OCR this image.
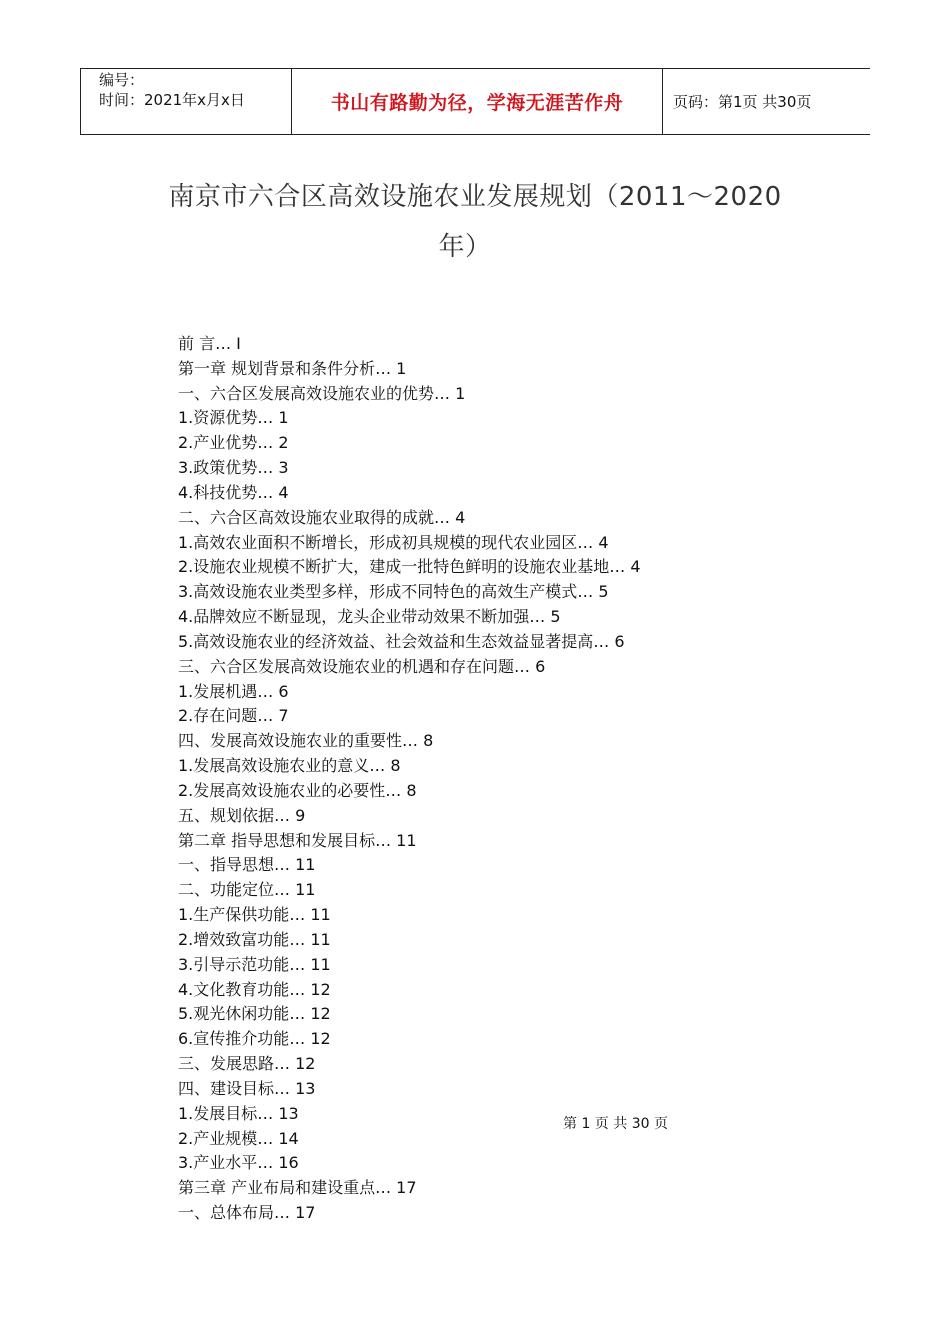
编号：
时间：2021年x月x日	书山有路勤为径，学海无涯苦作舟	页码：第1页 共30页
南京市六合区高效设施农业发展规划（2011～2020
年）
前 言… I
第一章 规划背景和条件分析… 1
一、六合区发展高效设施农业的优势… 1
1.资源优势… 1
2.产业优势… 2
3.政策优势… 3
4.科技优势… 4
二、六合区高效设施农业取得的成就… 4
1.高效农业面积不断增长，形成初具规模的现代农业园区… 4
2.设施农业规模不断扩大，建成一批特色鲜明的设施农业基地… 4
3.高效设施农业类型多样，形成不同特色的高效生产模式… 5
4.品牌效应不断显现，龙头企业带动效果不断加强… 5
5.高效设施农业的经济效益、社会效益和生态效益显著提高… 6
三、六合区发展高效设施农业的机遇和存在问题… 6
1.发展机遇… 6
2.存在问题… 7
四、发展高效设施农业的重要性… 8
1.发展高效设施农业的意义… 8
2.发展高效设施农业的必要性… 8
五、规划依据… 9
第二章 指导思想和发展目标… 11
一、指导思想… 11
二、功能定位… 11
1.生产保供功能… 11
2.增效致富功能… 11
3.引导示范功能… 11
4.文化教育功能… 12
5.观光休闲功能… 12
6.宣传推介功能… 12
三、发展思路… 12
四、建设目标… 13
1.发展目标… 13
2.产业规模… 14
3.产业水平… 16
第三章 产业布局和建设重点… 17
一、总体布局… 17
第 1 页 共 30 页
